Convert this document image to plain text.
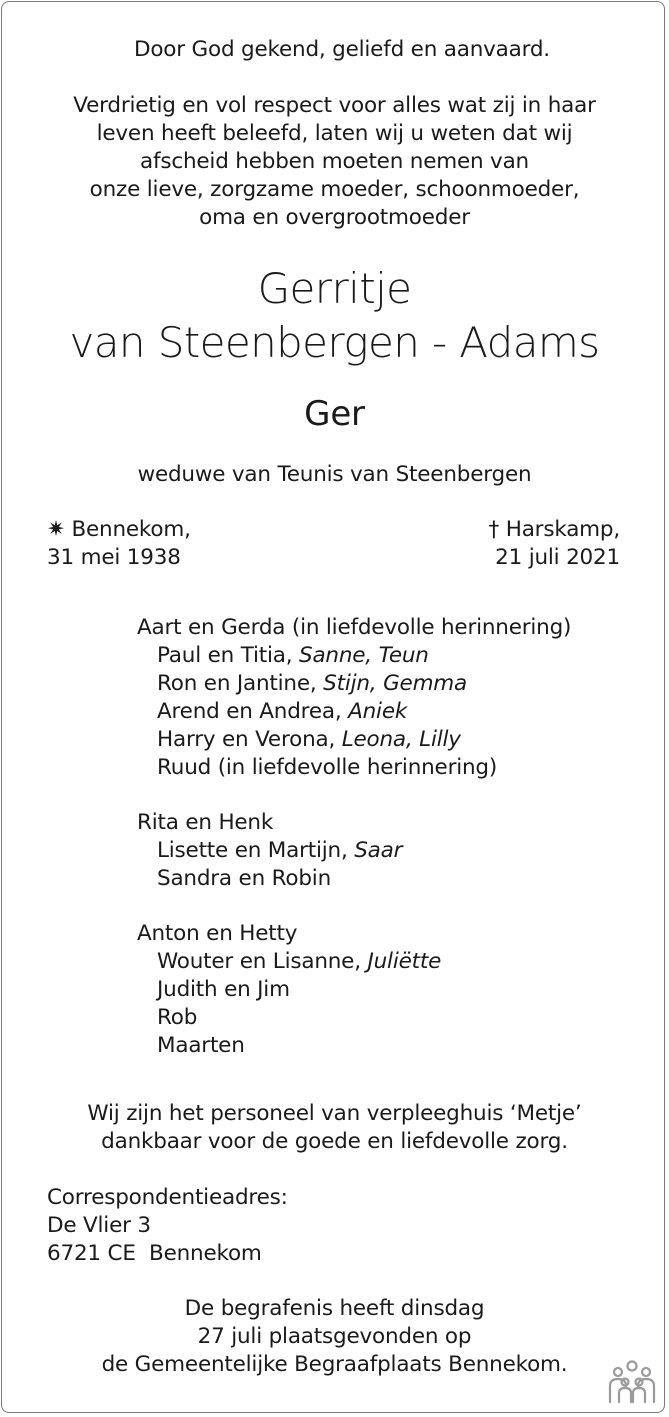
Door God gekend, geliefd en aanvaard.
Verdrietig en vol respect voor alles wat zij in haar
leven heeft beleefd, laten wij u weten dat wij
afscheid hebben moeten nemen van
onze lieve, zorgzame moeder, schoonmoeder,
oma en overgrootmoeder
Gerritje
van Steenbergen - Adams
Ger
weduwe van Teunis van Steenbergen
✷ Bennekom,
31 mei 1938
† Harskamp,
21 juli 2021
Aart en Gerda (in liefdevolle herinnering)
Paul en Titia, Sanne, Teun
Ron en Jantine, Stijn, Gemma
Arend en Andrea, Aniek
Harry en Verona, Leona, Lilly
Ruud (in liefdevolle herinnering)
Rita en Henk
Lisette en Martijn, Saar
Sandra en Robin
Anton en Hetty
Wouter en Lisanne, Juliëtte
Judith en Jim
Rob
Maarten
Wij zijn het personeel van verpleeghuis ‘Metje’
dankbaar voor de goede en liefdevolle zorg.
Correspondentieadres:
De Vlier 3
6721 CE  Bennekom
De begrafenis heeft dinsdag
27 juli plaatsgevonden op
de Gemeentelijke Begraafplaats Bennekom.
